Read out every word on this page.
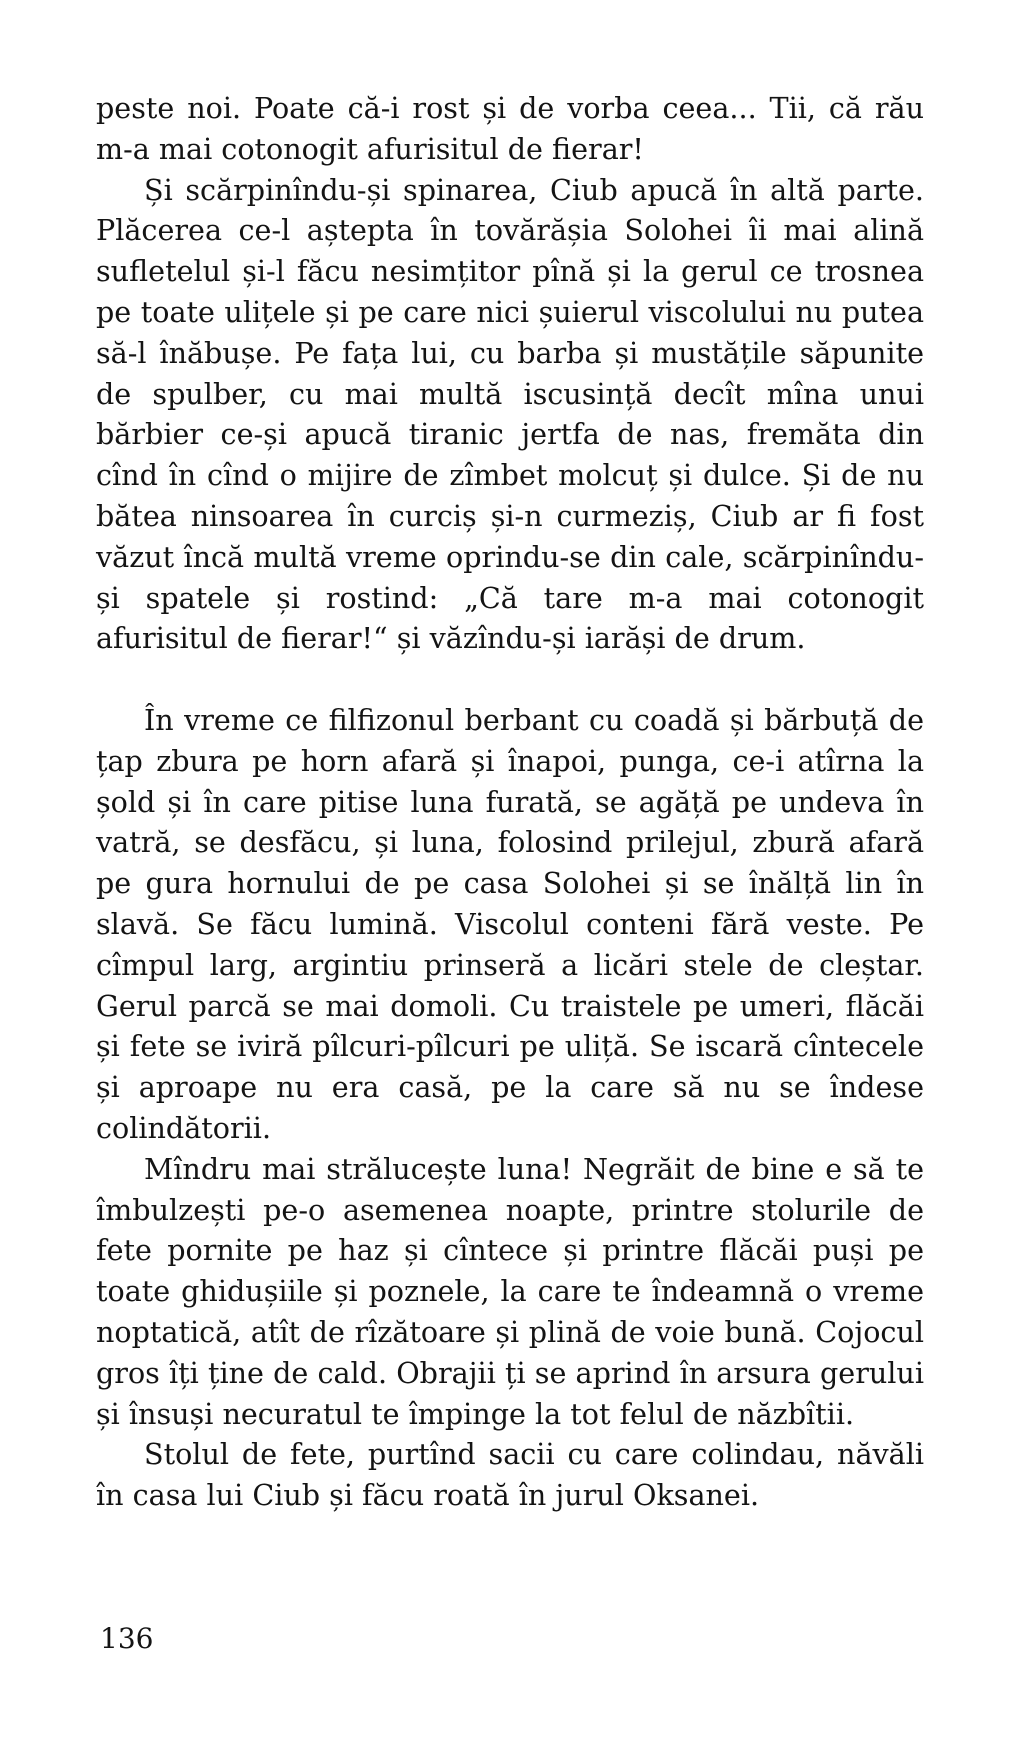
peste noi. Poate că-i rost și de vorba ceea... Tii, că rău m-a mai cotonogit afurisitul de fierar!

Și scărpinîndu-și spinarea, Ciub apucă în altă parte. Plăcerea ce-l aștepta în tovărășia Solohei îi mai alină sufletelul și-l făcu nesimțitor pînă și la gerul ce trosnea pe toate ulițele și pe care nici șuierul viscolului nu putea să-l înăbușe. Pe fața lui, cu barba și mustățile săpunite de spulber, cu mai multă iscusință decît mîna unui bărbier ce-și apucă tiranic jertfa de nas, fremăta din cînd în cînd o mijire de zîmbet molcuț și dulce. Și de nu bătea ninsoarea în curciș și-n curmeziș, Ciub ar fi fost văzut încă multă vreme oprindu-se din cale, scărpinîndu-și spatele și rostind: „Că tare m-a mai cotonogit afurisitul de fierar!“ și văzîndu-și iarăși de drum.

În vreme ce filfizonul berbant cu coadă și bărbuță de țap zbura pe horn afară și înapoi, punga, ce-i atîrna la șold și în care pitise luna furată, se agăță pe undeva în vatră, se desfăcu, și luna, folosind prilejul, zbură afară pe gura hornului de pe casa Solohei și se înălță lin în slavă. Se făcu lumină. Viscolul conteni fără veste. Pe cîmpul larg, argintiu prinseră a licări stele de cleștar. Gerul parcă se mai domoli. Cu traistele pe umeri, flăcăi și fete se iviră pîlcuri-pîlcuri pe uliță. Se iscară cîntecele și aproape nu era casă, pe la care să nu se îndese colindătorii.

Mîndru mai strălucește luna! Negrăit de bine e să te îmbulzești pe-o asemenea noapte, printre stolurile de fete pornite pe haz și cîntece și printre flăcăi puși pe toate ghidușiile și poznele, la care te îndeamnă o vreme noptatică, atît de rîzătoare și plină de voie bună. Cojocul gros îți ține de cald. Obrajii ți se aprind în arsura gerului și însuși necuratul te împinge la tot felul de năzbîtii.

Stolul de fete, purtînd sacii cu care colindau, năvăli în casa lui Ciub și făcu roată în jurul Oksanei.

136
